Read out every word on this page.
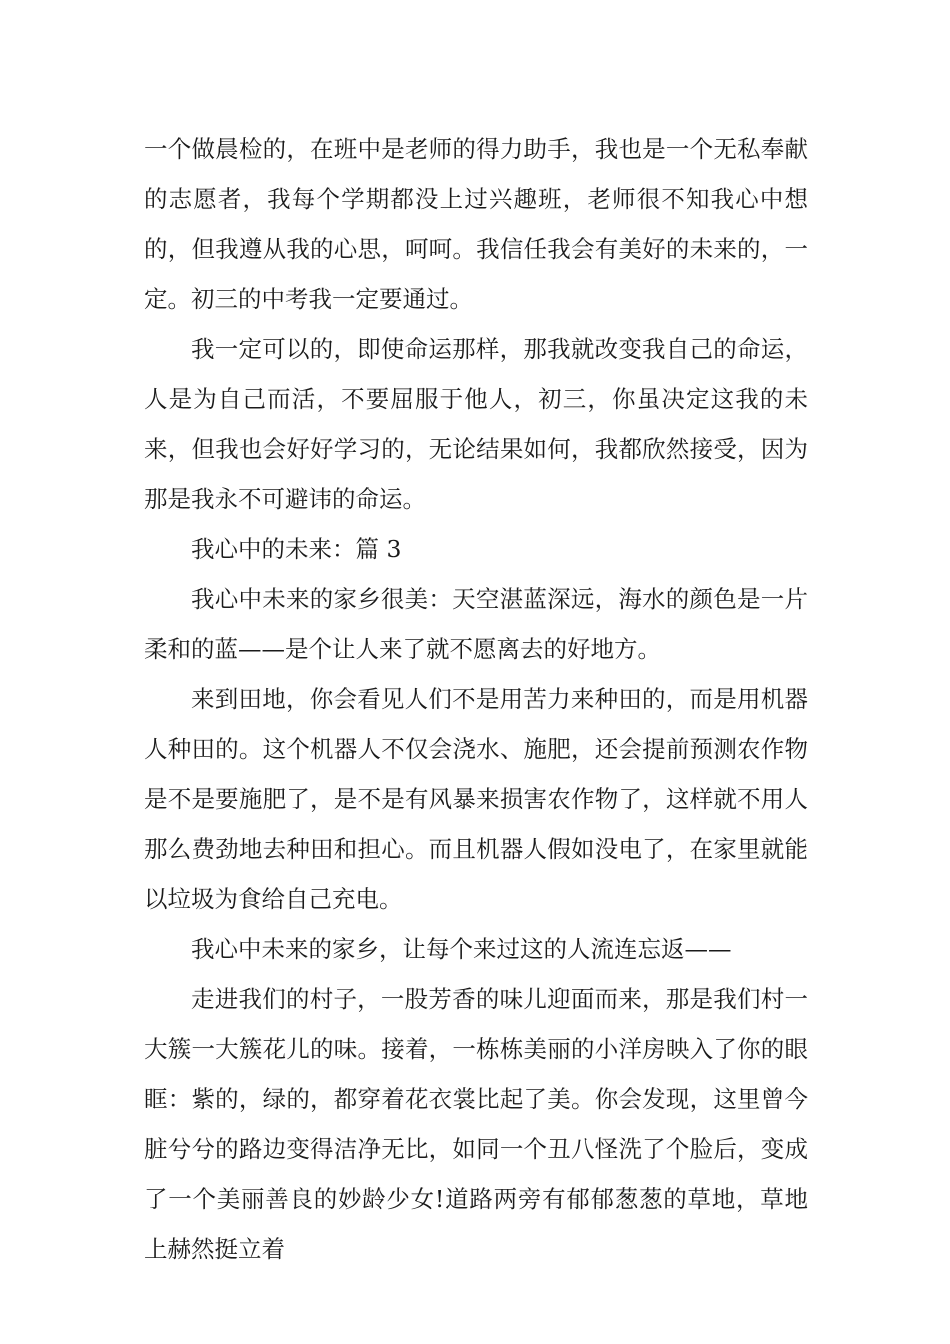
一个做晨检的，在班中是老师的得力助手，我也是一个无私奉献的志愿者，我每个学期都没上过兴趣班，老师很不知我心中想的，但我遵从我的心思，呵呵。我信任我会有美好的未来的，一定。初三的中考我一定要通过。

我一定可以的，即使命运那样，那我就改变我自己的命运，人是为自己而活，不要屈服于他人，初三，你虽决定这我的未来，但我也会好好学习的，无论结果如何，我都欣然接受，因为那是我永不可避讳的命运。

我心中的未来：篇 3

我心中未来的家乡很美：天空湛蓝深远，海水的颜色是一片柔和的蓝——是个让人来了就不愿离去的好地方。

来到田地，你会看见人们不是用苦力来种田的，而是用机器人种田的。这个机器人不仅会浇水、施肥，还会提前预测农作物是不是要施肥了，是不是有风暴来损害农作物了，这样就不用人那么费劲地去种田和担心。而且机器人假如没电了，在家里就能以垃圾为食给自己充电。

我心中未来的家乡，让每个来过这的人流连忘返——

走进我们的村子，一股芳香的味儿迎面而来，那是我们村一大簇一大簇花儿的味。接着，一栋栋美丽的小洋房映入了你的眼眶：紫的，绿的，都穿着花衣裳比起了美。你会发现，这里曾今脏兮兮的路边变得洁净无比，如同一个丑八怪洗了个脸后，变成了一个美丽善良的妙龄少女!道路两旁有郁郁葱葱的草地，草地上赫然挺立着
